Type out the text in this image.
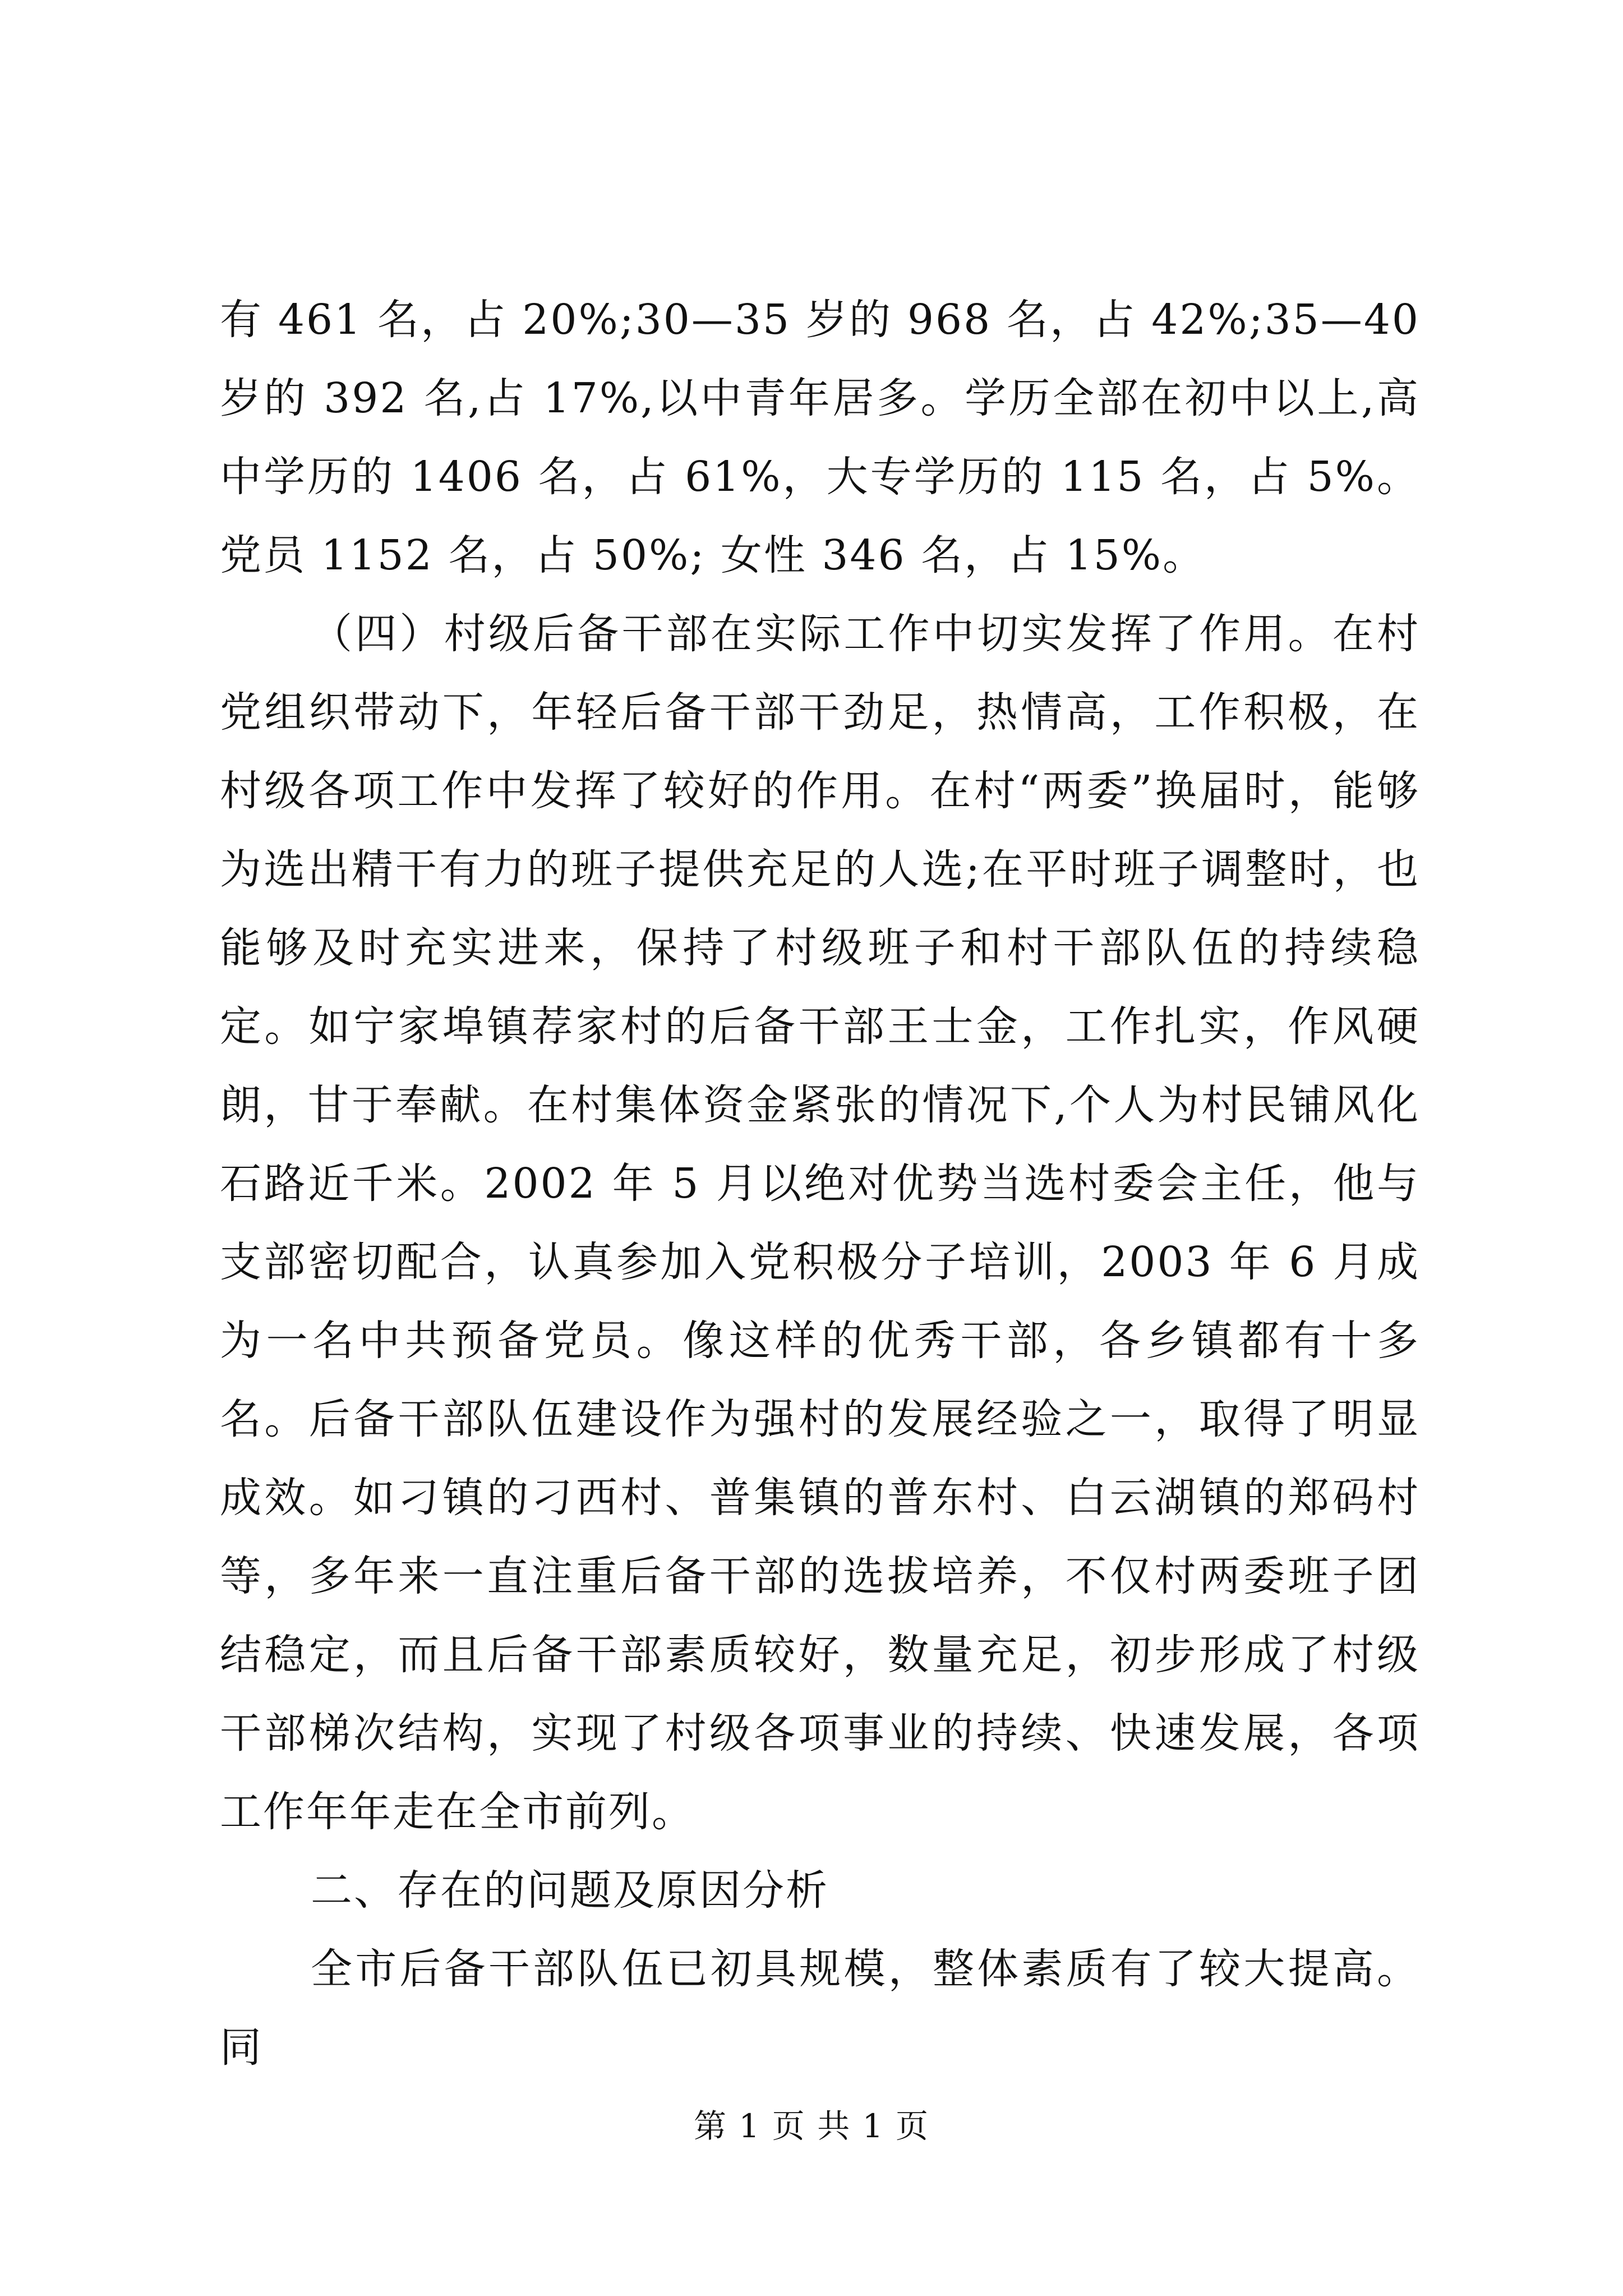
有 461 名，占 20%;30—35 岁的 968 名，占 42%;35—40 岁的 392 名,占 17%,以中青年居多。学历全部在初中以上,高中学历的 1406 名，占 61%，大专学历的 115 名，占 5%。党员 1152 名，占 50%; 女性 346 名，占 15%。

（四）村级后备干部在实际工作中切实发挥了作用。在村党组织带动下，年轻后备干部干劲足，热情高，工作积极，在村级各项工作中发挥了较好的作用。在村“两委”换届时，能够为选出精干有力的班子提供充足的人选;在平时班子调整时，也能够及时充实进来，保持了村级班子和村干部队伍的持续稳定。如宁家埠镇荐家村的后备干部王士金，工作扎实，作风硬朗，甘于奉献。在村集体资金紧张的情况下,个人为村民铺风化石路近千米。2002 年 5 月以绝对优势当选村委会主任，他与支部密切配合，认真参加入党积极分子培训，2003 年 6 月成为一名中共预备党员。像这样的优秀干部，各乡镇都有十多名。后备干部队伍建设作为强村的发展经验之一，取得了明显成效。如刁镇的刁西村、普集镇的普东村、白云湖镇的郑码村等，多年来一直注重后备干部的选拔培养，不仅村两委班子团结稳定，而且后备干部素质较好，数量充足，初步形成了村级干部梯次结构，实现了村级各项事业的持续、快速发展，各项工作年年走在全市前列。

二、存在的问题及原因分析

全市后备干部队伍已初具规模，整体素质有了较大提高。同

第 1 页 共 1 页
